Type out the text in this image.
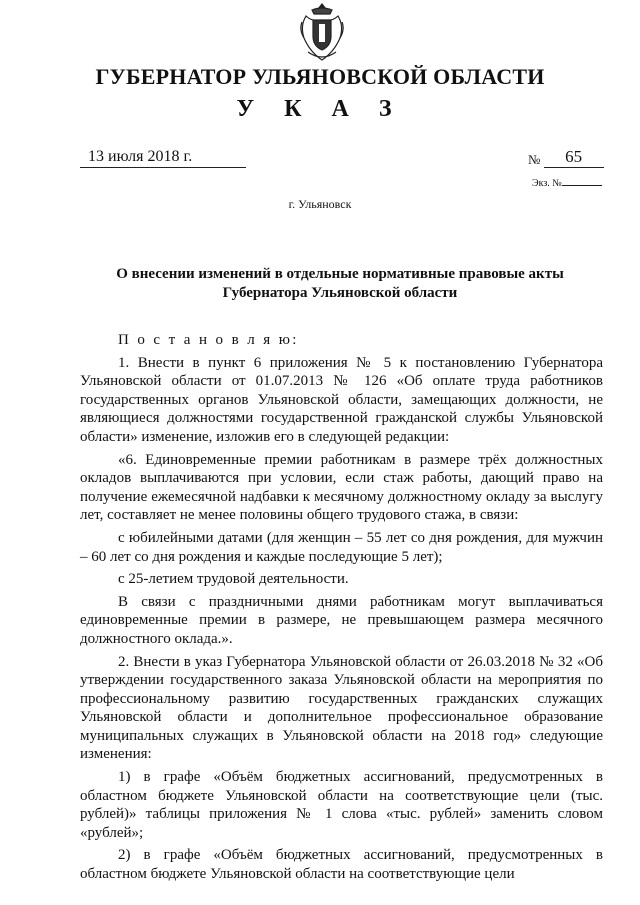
ГУБЕРНАТОР УЛЬЯНОВСКОЙ ОБЛАСТИ
У К А З
13 июля 2018 г.	№ 65
Экз. №
г. Ульяновск
О внесении изменений в отдельные нормативные правовые акты
Губернатора Ульяновской области

П о с т а н о в л я ю:

1. Внести в пункт 6 приложения № 5 к постановлению Губернатора Ульяновской области от 01.07.2013 № 126 «Об оплате труда работников государственных органов Ульяновской области, замещающих должности, не являющиеся должностями государственной гражданской службы Ульяновской области» изменение, изложив его в следующей редакции:

«6. Единовременные премии работникам в размере трёх должностных окладов выплачиваются при условии, если стаж работы, дающий право на получение ежемесячной надбавки к месячному должностному окладу за выслугу лет, составляет не менее половины общего трудового стажа, в связи:

с юбилейными датами (для женщин – 55 лет со дня рождения, для мужчин – 60 лет со дня рождения и каждые последующие 5 лет);

с 25-летием трудовой деятельности.

В связи с праздничными днями работникам могут выплачиваться единовременные премии в размере, не превышающем размера месячного должностного оклада.».

2. Внести в указ Губернатора Ульяновской области от 26.03.2018 № 32 «Об утверждении государственного заказа Ульяновской области на мероприятия по профессиональному развитию государственных гражданских служащих Ульяновской области и дополнительное профессиональное образование муниципальных служащих в Ульяновской области на 2018 год» следующие изменения:

1) в графе «Объём бюджетных ассигнований, предусмотренных в областном бюджете Ульяновской области на соответствующие цели (тыс. рублей)» таблицы приложения № 1 слова «тыс. рублей» заменить словом «рублей»;

2) в графе «Объём бюджетных ассигнований, предусмотренных в областном бюджете Ульяновской области на соответствующие цели
